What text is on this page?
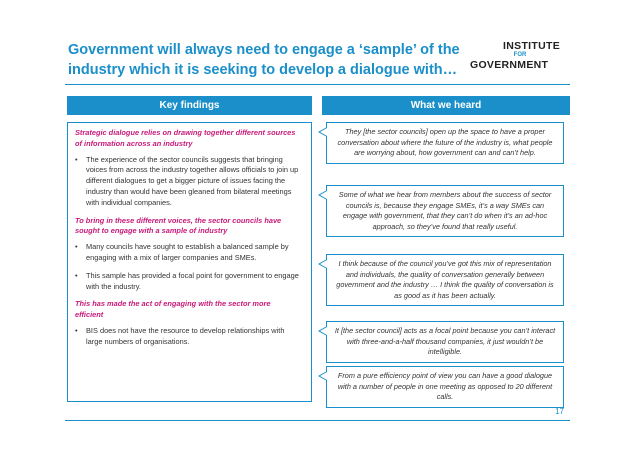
Government will always need to engage a ‘sample’ of the industry which it is seeking to develop a dialogue with…
INSTITUTE
FOR
GOVERNMENT
Key findings	What we heard

Strategic dialogue relies on drawing together different sources of information across an industry

• The experience of the sector councils suggests that bringing voices from across the industry together allows officials to join up different dialogues to get a bigger picture of issues facing the industry than would have been gleaned from bilateral meetings with individual companies.

To bring in these different voices, the sector councils have sought to engage with a sample of industry

• Many councils have sought to establish a balanced sample by engaging with a mix of larger companies and SMEs.
• This sample has provided a focal point for government to engage with the industry.

This has made the act of engaging with the sector more efficient

• BIS does not have the resource to develop relationships with large numbers of organisations.
They [the sector councils] open up the space to have a proper conversation about where the future of the industry is, what people are worrying about, how government can and can’t help.
Some of what we hear from members about the success of sector councils is, because they engage SMEs, it’s a way SMEs can engage with government, that they can’t do when it’s an ad-hoc approach, so they’ve found that really useful.
I think because of the council you’ve got this mix of representation and individuals, the quality of conversation generally between government and the industry … I think the quality of conversation is as good as it has been actually.
It [the sector council] acts as a focal point because you can’t interact with three-and-a-half thousand companies, it just wouldn’t be intelligible.
From a pure efficiency point of view you can have a good dialogue with a number of people in one meeting as opposed to 20 different calls.
17
